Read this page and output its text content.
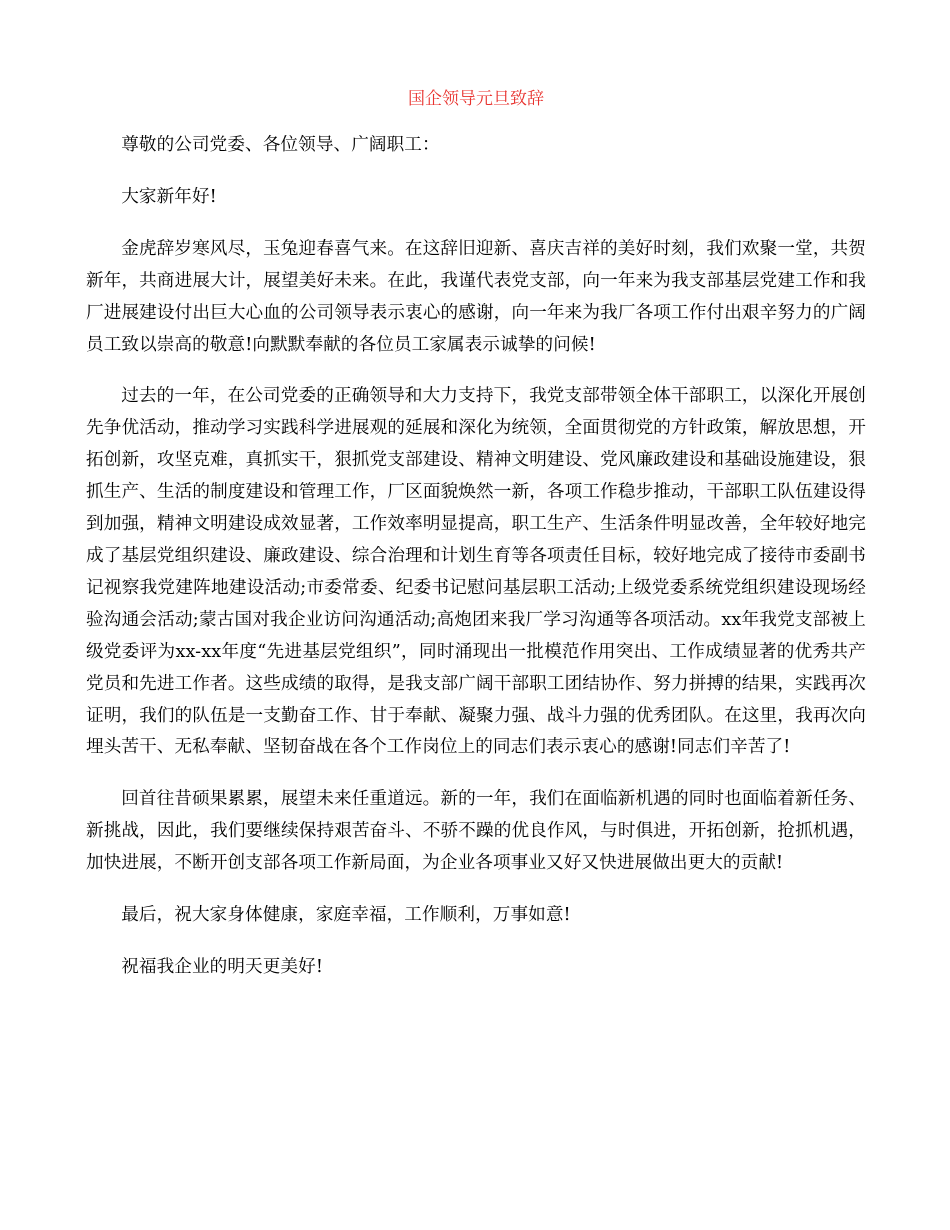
国企领导元旦致辞

尊敬的公司党委、各位领导、广阔职工：

大家新年好!

金虎辞岁寒风尽，玉兔迎春喜气来。在这辞旧迎新、喜庆吉祥的美好时刻，我们欢聚一堂，共贺新年，共商进展大计，展望美好未来。在此，我谨代表党支部，向一年来为我支部基层党建工作和我厂进展建设付出巨大心血的公司领导表示衷心的感谢，向一年来为我厂各项工作付出艰辛努力的广阔员工致以崇高的敬意!向默默奉献的各位员工家属表示诚挚的问候!

过去的一年，在公司党委的正确领导和大力支持下，我党支部带领全体干部职工，以深化开展创先争优活动，推动学习实践科学进展观的延展和深化为统领，全面贯彻党的方针政策，解放思想，开拓创新，攻坚克难，真抓实干，狠抓党支部建设、精神文明建设、党风廉政建设和基础设施建设，狠抓生产、生活的制度建设和管理工作，厂区面貌焕然一新，各项工作稳步推动，干部职工队伍建设得到加强，精神文明建设成效显著，工作效率明显提高，职工生产、生活条件明显改善，全年较好地完成了基层党组织建设、廉政建设、综合治理和计划生育等各项责任目标，较好地完成了接待市委副书记视察我党建阵地建设活动;市委常委、纪委书记慰问基层职工活动;上级党委系统党组织建设现场经验沟通会活动;蒙古国对我企业访问沟通活动;高炮团来我厂学习沟通等各项活动。xx年我党支部被上级党委评为xx-xx年度“先进基层党组织”，同时涌现出一批模范作用突出、工作成绩显著的优秀共产党员和先进工作者。这些成绩的取得，是我支部广阔干部职工团结协作、努力拼搏的结果，实践再次证明，我们的队伍是一支勤奋工作、甘于奉献、凝聚力强、战斗力强的优秀团队。在这里，我再次向埋头苦干、无私奉献、坚韧奋战在各个工作岗位上的同志们表示衷心的感谢!同志们辛苦了!

回首往昔硕果累累，展望未来任重道远。新的一年，我们在面临新机遇的同时也面临着新任务、新挑战，因此，我们要继续保持艰苦奋斗、不骄不躁的优良作风，与时俱进，开拓创新，抢抓机遇，加快进展，不断开创支部各项工作新局面，为企业各项事业又好又快进展做出更大的贡献!

最后，祝大家身体健康，家庭幸福，工作顺利，万事如意!

祝福我企业的明天更美好!
